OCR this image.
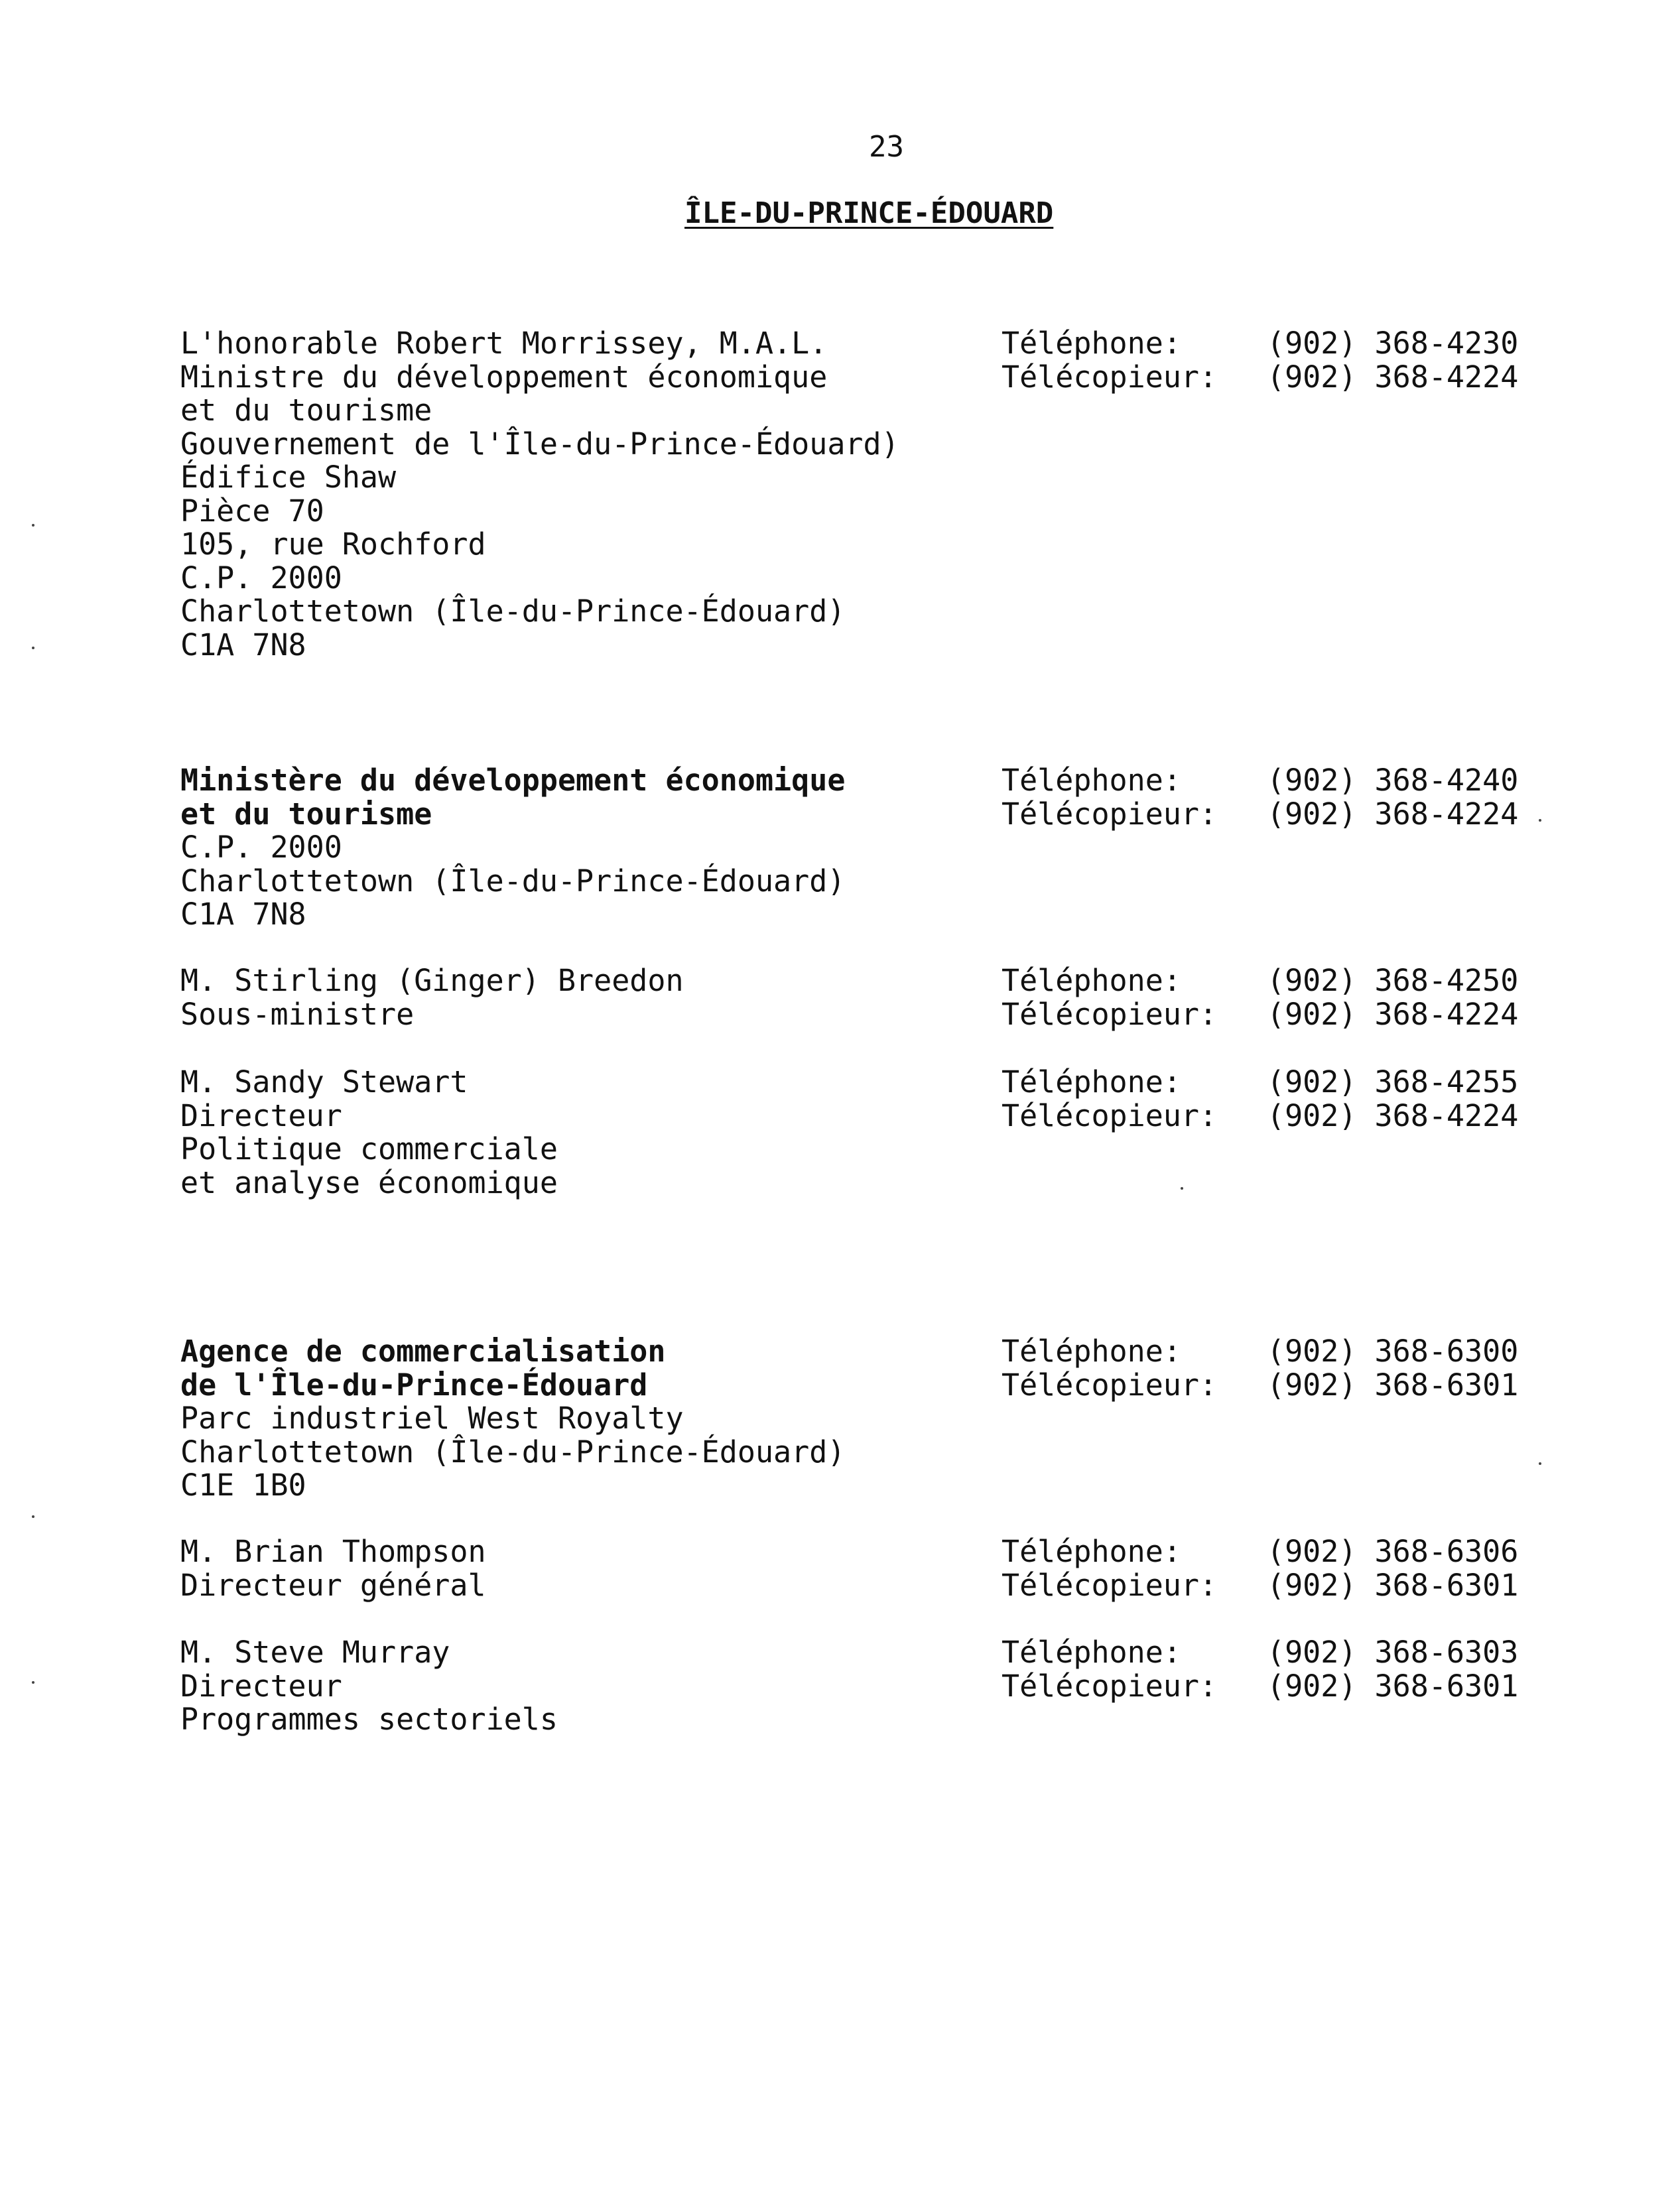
23
ÎLE-DU-PRINCE-ÉDOUARD
L'honorable Robert Morrissey, M.A.L.
Ministre du développement économique
et du tourisme
Gouvernement de l'Île-du-Prince-Édouard)
Édifice Shaw
Pièce 70
105, rue Rochford
C.P. 2000
Charlottetown (Île-du-Prince-Édouard)
C1A 7N8
Téléphone:	(902) 368-4230
Télécopieur:	(902) 368-4224
Ministère du développement économique
et du tourisme
C.P. 2000
Charlottetown (Île-du-Prince-Édouard)
C1A 7N8
Téléphone:	(902) 368-4240
Télécopieur:	(902) 368-4224
M. Stirling (Ginger) Breedon
Sous-ministre
Téléphone:	(902) 368-4250
Télécopieur:	(902) 368-4224
M. Sandy Stewart
Directeur
Politique commerciale
et analyse économique
Téléphone:	(902) 368-4255
Télécopieur:	(902) 368-4224
Agence de commercialisation
de l'Île-du-Prince-Édouard
Parc industriel West Royalty
Charlottetown (Île-du-Prince-Édouard)
C1E 1B0
Téléphone:	(902) 368-6300
Télécopieur:	(902) 368-6301
M. Brian Thompson
Directeur général
Téléphone:	(902) 368-6306
Télécopieur:	(902) 368-6301
M. Steve Murray
Directeur
Programmes sectoriels
Téléphone:	(902) 368-6303
Télécopieur:	(902) 368-6301
